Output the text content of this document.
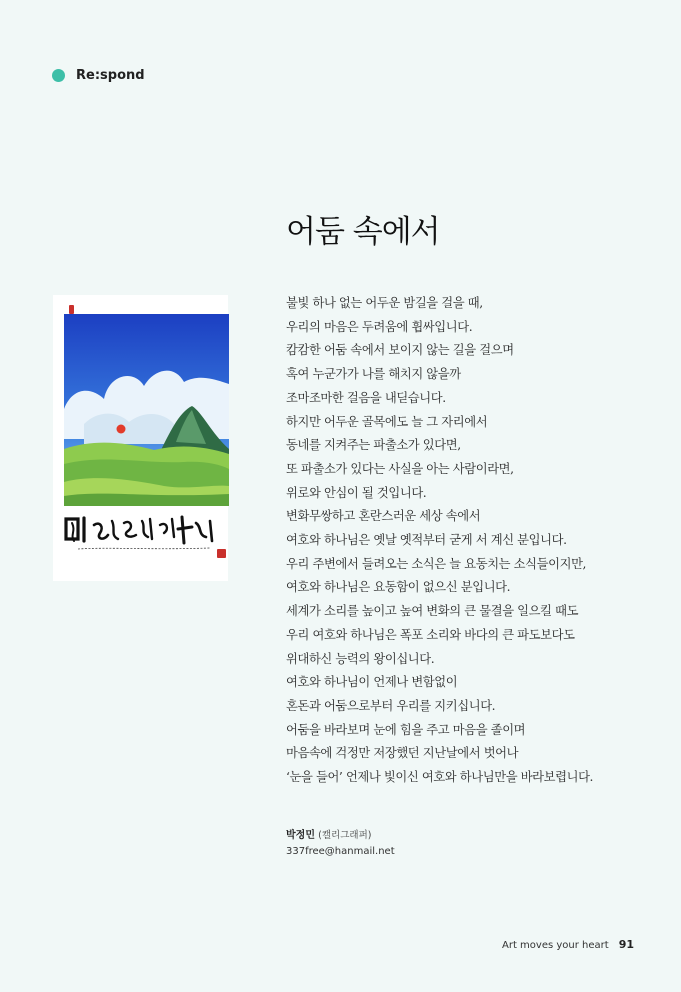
Re:spond
어둠 속에서
불빛 하나 없는 어두운 밤길을 걸을 때,
우리의 마음은 두려움에 휩싸입니다.
캄캄한 어둠 속에서 보이지 않는 길을 걸으며
혹여 누군가가 나를 해치지 않을까
조마조마한 걸음을 내딛습니다.
하지만 어두운 골목에도 늘 그 자리에서
동네를 지켜주는 파출소가 있다면,
또 파출소가 있다는 사실을 아는 사람이라면,
위로와 안심이 될 것입니다.
변화무쌍하고 혼란스러운 세상 속에서
여호와 하나님은 옛날 옛적부터 굳게 서 계신 분입니다.
우리 주변에서 들려오는 소식은 늘 요동치는 소식들이지만,
여호와 하나님은 요동함이 없으신 분입니다.
세계가 소리를 높이고 높여 변화의 큰 물결을 일으킬 때도
우리 여호와 하나님은 폭포 소리와 바다의 큰 파도보다도
위대하신 능력의 왕이십니다.
여호와 하나님이 언제나 변함없이
혼돈과 어둠으로부터 우리를 지키십니다.
어둠을 바라보며 눈에 힘을 주고 마음을 졸이며
마음속에 걱정만 저장했던 지난날에서 벗어나
‘눈을 들어’ 언제나 빛이신 여호와 하나님만을 바라보렵니다.
박정민 (캘리그래퍼)
337free@hanmail.net
Art moves your heart 91
